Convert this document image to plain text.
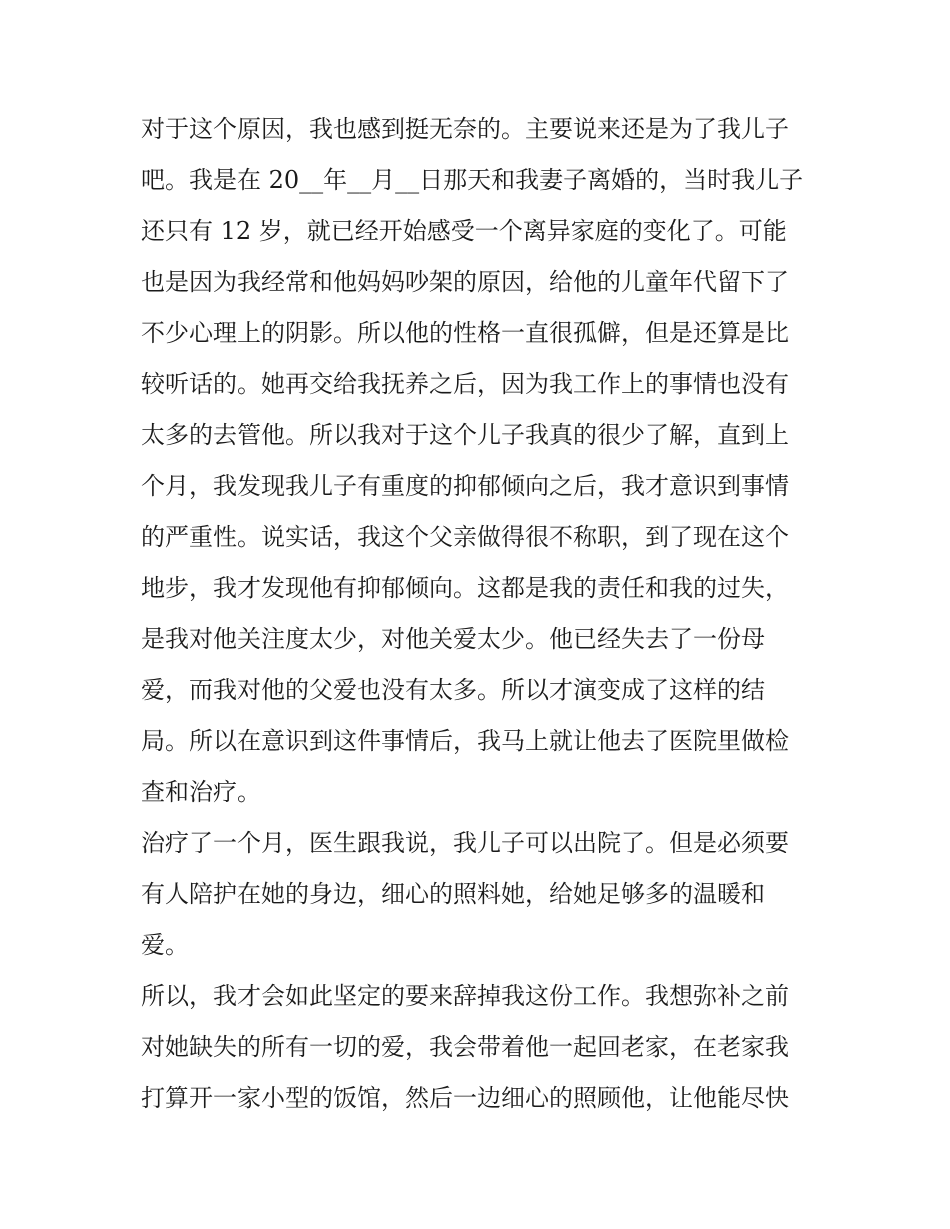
对于这个原因，我也感到挺无奈的。主要说来还是为了我儿子
吧。我是在 20__年__月__日那天和我妻子离婚的，当时我儿子
还只有 12 岁，就已经开始感受一个离异家庭的变化了。可能
也是因为我经常和他妈妈吵架的原因，给他的儿童年代留下了
不少心理上的阴影。所以他的性格一直很孤僻，但是还算是比
较听话的。她再交给我抚养之后，因为我工作上的事情也没有
太多的去管他。所以我对于这个儿子我真的很少了解，直到上
个月，我发现我儿子有重度的抑郁倾向之后，我才意识到事情
的严重性。说实话，我这个父亲做得很不称职，到了现在这个
地步，我才发现他有抑郁倾向。这都是我的责任和我的过失，
是我对他关注度太少，对他关爱太少。他已经失去了一份母
爱，而我对他的父爱也没有太多。所以才演变成了这样的结
局。所以在意识到这件事情后，我马上就让他去了医院里做检
查和治疗。
治疗了一个月，医生跟我说，我儿子可以出院了。但是必须要
有人陪护在她的身边，细心的照料她，给她足够多的温暖和
爱。
所以，我才会如此坚定的要来辞掉我这份工作。我想弥补之前
对她缺失的所有一切的爱，我会带着他一起回老家，在老家我
打算开一家小型的饭馆，然后一边细心的照顾他，让他能尽快
